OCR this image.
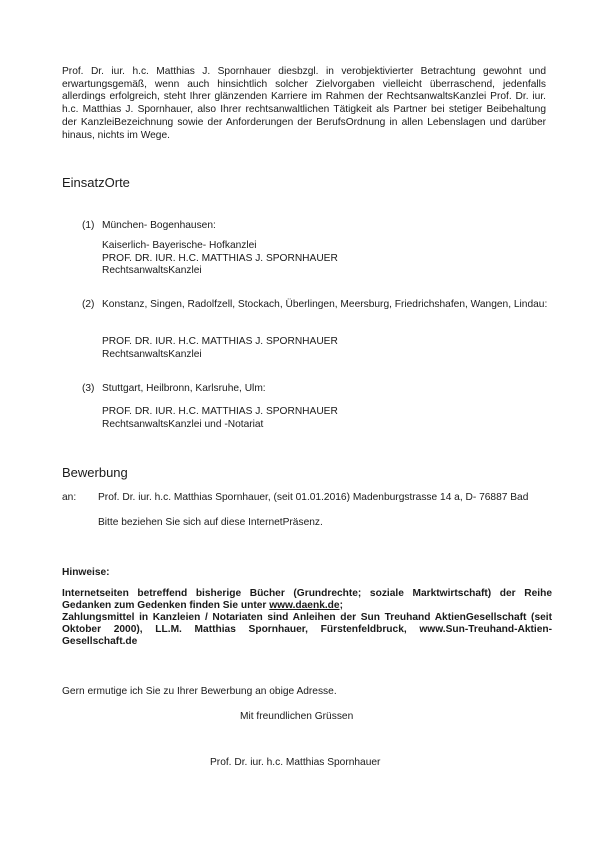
Prof. Dr. iur. h.c. Matthias J. Spornhauer diesbzgl. in verobjektivierter Betrachtung gewohnt und erwartungsgemäß, wenn auch hinsichtlich solcher Zielvorgaben vielleicht überraschend, jedenfalls allerdings erfolgreich, steht Ihrer glänzenden Karriere im Rahmen der RechtsanwaltsKanzlei Prof. Dr. iur. h.c. Matthias J. Spornhauer, also Ihrer rechtsanwaltlichen Tätigkeit als Partner bei stetiger Beibehaltung der KanzleiBezeichnung sowie der Anforderungen der BerufsOrdnung in allen Lebenslagen und darüber hinaus, nichts im Wege.
EinsatzOrte
(1) München- Bogenhausen:
Kaiserlich- Bayerische- Hofkanzlei
PROF. DR. IUR. H.C. MATTHIAS J. SPORNHAUER
RechtsanwaltsKanzlei
(2) Konstanz, Singen, Radolfzell, Stockach, Überlingen, Meersburg, Friedrichshafen, Wangen, Lindau:
PROF. DR. IUR. H.C. MATTHIAS J. SPORNHAUER
RechtsanwaltsKanzlei
(3) Stuttgart, Heilbronn, Karlsruhe, Ulm:
PROF. DR. IUR. H.C. MATTHIAS J. SPORNHAUER
RechtsanwaltsKanzlei und -Notariat
Bewerbung
an: Prof. Dr. iur. h.c. Matthias Spornhauer, (seit 01.01.2016) Madenburgstrasse 14 a, D- 76887 Bad
Bitte beziehen Sie sich auf diese InternetPräsenz.
Hinweise:
Internetseiten betreffend bisherige Bücher (Grundrechte; soziale Marktwirtschaft) der Reihe Gedanken zum Gedenken finden Sie unter www.daenk.de;
Zahlungsmittel in Kanzleien / Notariaten sind Anleihen der Sun Treuhand AktienGesellschaft (seit Oktober 2000), LL.M. Matthias Spornhauer, Fürstenfeldbruck, www.Sun-Treuhand-Aktien-Gesellschaft.de
Gern ermutige ich Sie zu Ihrer Bewerbung an obige Adresse.
Mit freundlichen Grüssen
Prof. Dr. iur. h.c. Matthias Spornhauer
